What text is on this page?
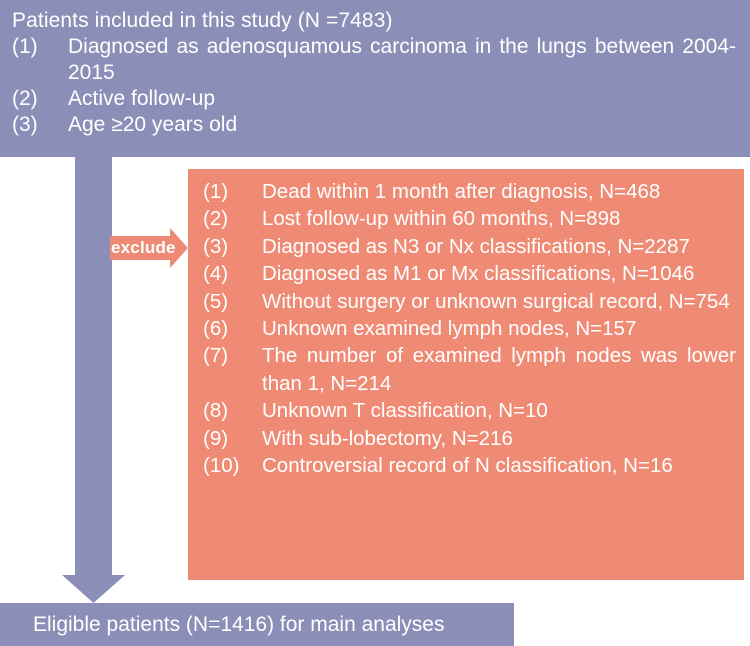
Patients included in this study (N =7483)
(1)	Diagnosed as adenosquamous carcinoma in the lungs between 2004-2015
(2)	Active follow-up
(3)	Age ≥20 years old
exclude
(1)	Dead within 1 month after diagnosis, N=468
(2)	Lost follow-up within 60 months, N=898
(3)	Diagnosed as N3 or Nx classifications, N=2287
(4)	Diagnosed as M1 or Mx classifications, N=1046
(5)	Without surgery or unknown surgical record, N=754
(6)	Unknown examined lymph nodes, N=157
(7)	The number of examined lymph nodes was lower than 1, N=214
(8)	Unknown T classification, N=10
(9)	With sub-lobectomy, N=216
(10)	Controversial record of N classification, N=16
Eligible patients (N=1416) for main analyses
